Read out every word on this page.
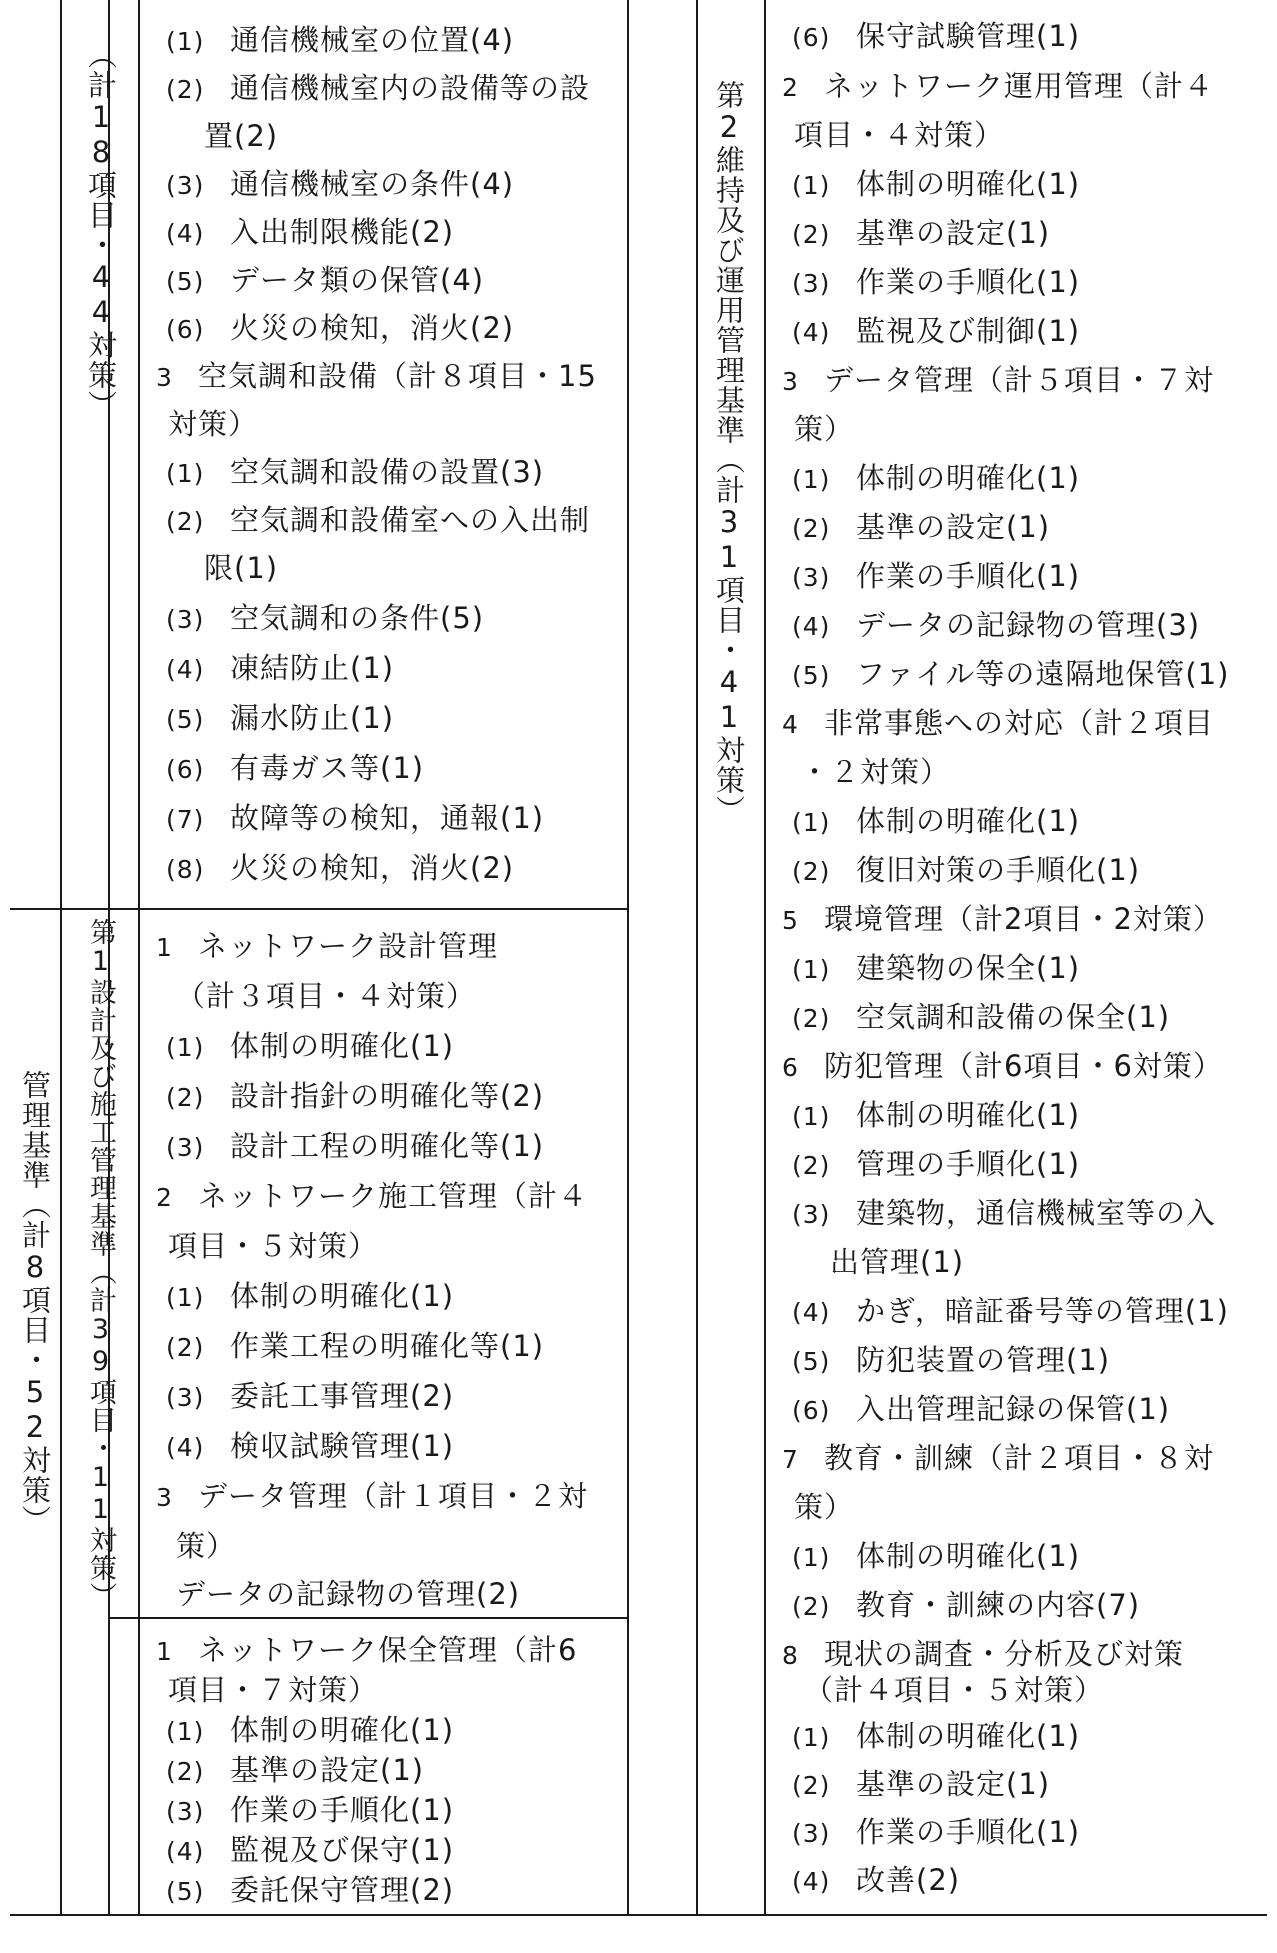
（計18項目・44対策）
管理基準（計8項目・52対策） 第1設計及び施工管理基準（計39項目・11対策）
第2維持及び運用管理基準（計31項目・41対策）
(1) 通信機械室の位置(4)
(2) 通信機械室内の設備等の設
置(2)
(3) 通信機械室の条件(4)
(4) 入出制限機能(2)
(5) データ類の保管(4)
(6) 火災の検知，消火(2)
3 空気調和設備（計８項目・15
対策）
(1) 空気調和設備の設置(3)
(2) 空気調和設備室への入出制
限(1)
(3) 空気調和の条件(5)
(4) 凍結防止(1)
(5) 漏水防止(1)
(6) 有毒ガス等(1)
(7) 故障等の検知，通報(1)
(8) 火災の検知，消火(2)
1 ネットワーク設計管理
（計３項目・４対策）
(1) 体制の明確化(1)
(2) 設計指針の明確化等(2)
(3) 設計工程の明確化等(1)
2 ネットワーク施工管理（計４
項目・５対策）
(1) 体制の明確化(1)
(2) 作業工程の明確化等(1)
(3) 委託工事管理(2)
(4) 検収試験管理(1)
3 データ管理（計１項目・２対
策）
データの記録物の管理(2)
1 ネットワーク保全管理（計6
項目・７対策）
(1) 体制の明確化(1)
(2) 基準の設定(1)
(3) 作業の手順化(1)
(4) 監視及び保守(1)
(5) 委託保守管理(2)
(6) 保守試験管理(1)
2 ネットワーク運用管理（計４
項目・４対策）
(1) 体制の明確化(1)
(2) 基準の設定(1)
(3) 作業の手順化(1)
(4) 監視及び制御(1)
3 データ管理（計５項目・７対
策）
(1) 体制の明確化(1)
(2) 基準の設定(1)
(3) 作業の手順化(1)
(4) データの記録物の管理(3)
(5) ファイル等の遠隔地保管(1)
4 非常事態への対応（計２項目
・２対策）
(1) 体制の明確化(1)
(2) 復旧対策の手順化(1)
5 環境管理（計2項目・2対策）
(1) 建築物の保全(1)
(2) 空気調和設備の保全(1)
6 防犯管理（計6項目・6対策）
(1) 体制の明確化(1)
(2) 管理の手順化(1)
(3) 建築物，通信機械室等の入
出管理(1)
(4) かぎ，暗証番号等の管理(1)
(5) 防犯装置の管理(1)
(6) 入出管理記録の保管(1)
7 教育・訓練（計２項目・８対
策）
(1) 体制の明確化(1)
(2) 教育・訓練の内容(7)
8 現状の調査・分析及び対策
（計４項目・５対策）
(1) 体制の明確化(1)
(2) 基準の設定(1)
(3) 作業の手順化(1)
(4) 改善(2)
